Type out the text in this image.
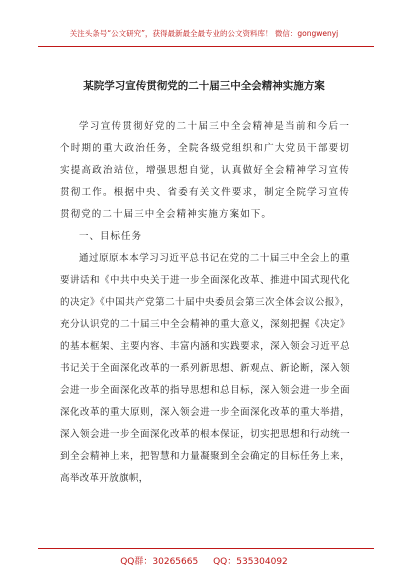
关注头条号“公文研究”，获得最新最全最专业的公文资料库！ 微信：gongwenyj
某院学习宣传贯彻党的二十届三中全会精神实施方案

学习宣传贯彻好党的二十届三中全会精神是当前和今后一个时期的重大政治任务，全院各级党组织和广大党员干部要切实提高政治站位，增强思想自觉，认真做好全会精神学习宣传贯彻工作。根据中央、省委有关文件要求，制定全院学习宣传贯彻党的二十届三中全会精神实施方案如下。

一、目标任务

通过原原本本学习习近平总书记在党的二十届三中全会上的重要讲话和《中共中央关于进一步全面深化改革、推进中国式现代化的决定》《中国共产党第二十届中央委员会第三次全体会议公报》，充分认识党的二十届三中全会精神的重大意义，深刻把握《决定》的基本框架、主要内容、丰富内涵和实践要求，深入领会习近平总书记关于全面深化改革的一系列新思想、新观点、新论断，深入领会进一步全面深化改革的指导思想和总目标，深入领会进一步全面深化改革的重大原则，深入领会进一步全面深化改革的重大举措，深入领会进一步全面深化改革的根本保证，切实把思想和行动统一到全会精神上来，把智慧和力量凝聚到全会确定的目标任务上来，高举改革开放旗帜，

QQ群：30265665 QQ：535304092
